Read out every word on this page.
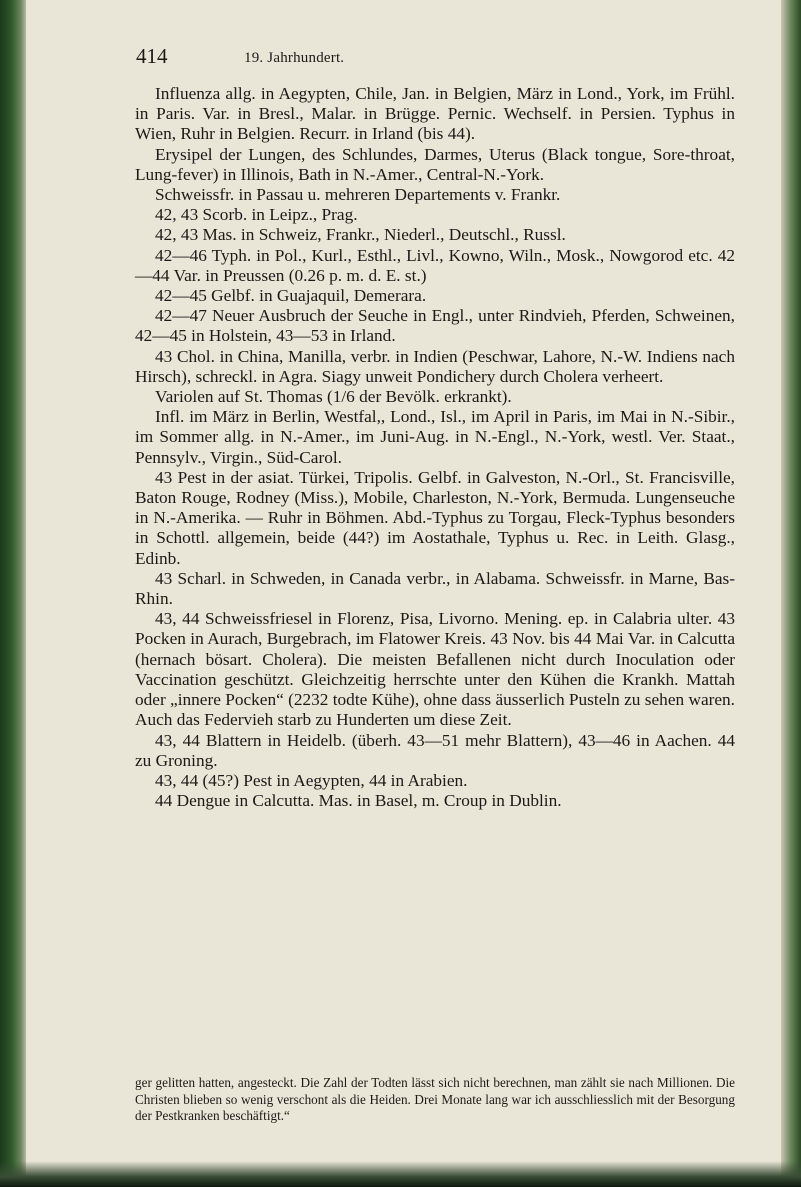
414	19. Jahrhundert.

Influenza allg. in Aegypten, Chile, Jan. in Belgien, März in Lond., York, im Frühl. in Paris. Var. in Bresl., Malar. in Brügge. Pernic. Wechself. in Persien. Typhus in Wien, Ruhr in Belgien. Recurr. in Irland (bis 44).

Erysipel der Lungen, des Schlundes, Darmes, Uterus (Black tongue, Sore-throat, Lung-fever) in Illinois, Bath in N.-Amer., Central-N.-York.

Schweissfr. in Passau u. mehreren Departements v. Frankr.

42, 43 Scorb. in Leipz., Prag.

42, 43 Mas. in Schweiz, Frankr., Niederl., Deutschl., Russl.

42—46 Typh. in Pol., Kurl., Esthl., Livl., Kowno, Wiln., Mosk., Nowgorod etc. 42—44 Var. in Preussen (0.26 p. m. d. E. st.)

42—45 Gelbf. in Guajaquil, Demerara.

42—47 Neuer Ausbruch der Seuche in Engl., unter Rindvieh, Pferden, Schweinen, 42—45 in Holstein, 43—53 in Irland.

43 Chol. in China, Manilla, verbr. in Indien (Peschwar, Lahore, N.-W. Indiens nach Hirsch), schreckl. in Agra. Siagy unweit Pondichery durch Cholera verheert.

Variolen auf St. Thomas (1/6 der Bevölk. erkrankt).

Infl. im März in Berlin, Westfal,, Lond., Isl., im April in Paris, im Mai in N.-Sibir., im Sommer allg. in N.-Amer., im Juni-Aug. in N.-Engl., N.-York, westl. Ver. Staat., Pennsylv., Virgin., Süd-Carol.

43 Pest in der asiat. Türkei, Tripolis. Gelbf. in Galveston, N.-Orl., St. Francisville, Baton Rouge, Rodney (Miss.), Mobile, Charleston, N.-York, Bermuda. Lungenseuche in N.-Amerika. — Ruhr in Böhmen. Abd.-Typhus zu Torgau, Fleck-Typhus besonders in Schottl. allgemein, beide (44?) im Aostathale, Typhus u. Rec. in Leith. Glasg., Edinb.

43 Scharl. in Schweden, in Canada verbr., in Alabama. Schweissfr. in Marne, Bas-Rhin.

43, 44 Schweissfriesel in Florenz, Pisa, Livorno. Mening. ep. in Calabria ulter. 43 Pocken in Aurach, Burgebrach, im Flatower Kreis. 43 Nov. bis 44 Mai Var. in Calcutta (hernach bösart. Cholera). Die meisten Befallenen nicht durch Inoculation oder Vaccination geschützt. Gleichzeitig herrschte unter den Kühen die Krankh. Mattah oder „innere Pocken“ (2232 todte Kühe), ohne dass äusserlich Pusteln zu sehen waren. Auch das Federvieh starb zu Hunderten um diese Zeit.

43, 44 Blattern in Heidelb. (überh. 43—51 mehr Blattern), 43—46 in Aachen. 44 zu Groning.

43, 44 (45?) Pest in Aegypten, 44 in Arabien.

44 Dengue in Calcutta. Mas. in Basel, m. Croup in Dublin.

ger gelitten hatten, angesteckt. Die Zahl der Todten lässt sich nicht berechnen, man zählt sie nach Millionen. Die Christen blieben so wenig verschont als die Heiden. Drei Monate lang war ich ausschliesslich mit der Besorgung der Pestkranken beschäftigt.“
